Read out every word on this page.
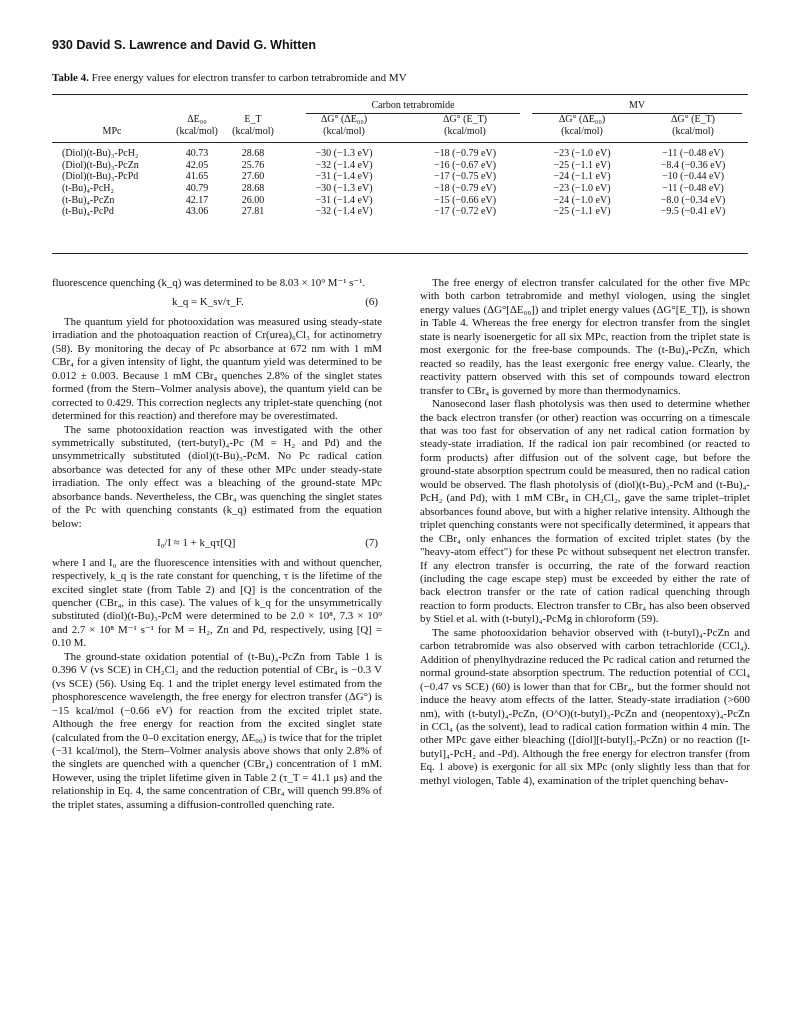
930 David S. Lawrence and David G. Whitten
Table 4. Free energy values for electron transfer to carbon tetrabromide and MV

			Carbon tetrabromide		MV	

	ΔE₀₀	E_T	ΔG° (ΔE₀₀)	ΔG° (E_T)	ΔG° (ΔE₀₀)	ΔG° (E_T)
MPc	(kcal/mol)	(kcal/mol)	(kcal/mol)	(kcal/mol)	(kcal/mol)	(kcal/mol)

(Diol)(t-Bu)₃-PcH₂	40.73	28.68	−30 (−1.3 eV)	−18 (−0.79 eV)	−23 (−1.0 eV)	−11 (−0.48 eV)
(Diol)(t-Bu)₃-PcZn	42.05	25.76	−32 (−1.4 eV)	−16 (−0.67 eV)	−25 (−1.1 eV)	−8.4 (−0.36 eV)
(Diol)(t-Bu)₃-PcPd	41.65	27.60	−31 (−1.4 eV)	−17 (−0.75 eV)	−24 (−1.1 eV)	−10 (−0.44 eV)
(t-Bu)₄-PcH₂	40.79	28.68	−30 (−1.3 eV)	−18 (−0.79 eV)	−23 (−1.0 eV)	−11 (−0.48 eV)
(t-Bu)₄-PcZn	42.17	26.00	−31 (−1.4 eV)	−15 (−0.66 eV)	−24 (−1.0 eV)	−8.0 (−0.34 eV)
(t-Bu)₄-PcPd	43.06	27.81	−32 (−1.4 eV)	−17 (−0.72 eV)	−25 (−1.1 eV)	−9.5 (−0.41 eV)

fluorescence quenching (k_q) was determined to be 8.03 × 10⁹ M⁻¹ s⁻¹.

k_q = K_sv/τ_F.	(6)

The quantum yield for photooxidation was measured using steady-state irradiation and the photoaquation reaction of Cr(urea)₆Cl₃ for actinometry (58). By monitoring the decay of Pc absorbance at 672 nm with 1 mM CBr₄ for a given intensity of light, the quantum yield was determined to be 0.012 ± 0.003. Because 1 mM CBr₄ quenches 2.8% of the singlet states formed (from the Stern–Volmer analysis above), the quantum yield can be corrected to 0.429. This correction neglects any triplet-state quenching (not determined for this reaction) and therefore may be overestimated.

The same photooxidation reaction was investigated with the other symmetrically substituted, (tert-butyl)₄-Pc (M = H₂ and Pd) and the unsymmetrically substituted (diol)(t-Bu)₃-PcM. No Pc radical cation absorbance was detected for any of these other MPc under steady-state irradiation. The only effect was a bleaching of the ground-state MPc absorbance bands. Nevertheless, the CBr₄ was quenching the singlet states of the Pc with quenching constants (k_q) estimated from the equation below:

I₀/I ≈ 1 + k_qτ[Q]	(7)

where I and I₀ are the fluorescence intensities with and without quencher, respectively, k_q is the rate constant for quenching, τ is the lifetime of the excited singlet state (from Table 2) and [Q] is the concentration of the quencher (CBr₄, in this case). The values of k_q for the unsymmetrically substituted (diol)(t-Bu)₃-PcM were determined to be 2.0 × 10⁸, 7.3 × 10⁹ and 2.7 × 10⁸ M⁻¹ s⁻¹ for M = H₂, Zn and Pd, respectively, using [Q] = 0.10 M.

The ground-state oxidation potential of (t-Bu)₄-PcZn from Table 1 is 0.396 V (vs SCE) in CH₂Cl₂ and the reduction potential of CBr₄ is −0.3 V (vs SCE) (56). Using Eq. 1 and the triplet energy level estimated from the phosphorescence wavelength, the free energy for electron transfer (ΔG°) is −15 kcal/mol (−0.66 eV) for reaction from the excited triplet state. Although the free energy for reaction from the excited singlet state (calculated from the 0–0 excitation energy, ΔE₀₀) is twice that for the triplet (−31 kcal/mol), the Stern–Volmer analysis above shows that only 2.8% of the singlets are quenched with a quencher (CBr₄) concentration of 1 mM. However, using the triplet lifetime given in Table 2 (τ_T = 41.1 μs) and the relationship in Eq. 4, the same concentration of CBr₄ will quench 99.8% of the triplet states, assuming a diffusion-controlled quenching rate.

The free energy of electron transfer calculated for the other five MPc with both carbon tetrabromide and methyl viologen, using the singlet energy values (ΔG°[ΔE₀₀]) and triplet energy values (ΔG°[E_T]), is shown in Table 4. Whereas the free energy for electron transfer from the singlet state is nearly isoenergetic for all six MPc, reaction from the triplet state is most exergonic for the free-base compounds. The (t-Bu)₄-PcZn, which reacted so readily, has the least exergonic free energy value. Clearly, the reactivity pattern observed with this set of compounds toward electron transfer to CBr₄ is governed by more than thermodynamics.

Nanosecond laser flash photolysis was then used to determine whether the back electron transfer (or other) reaction was occurring on a timescale that was too fast for observation of any net radical cation formation by steady-state irradiation. If the radical ion pair recombined (or reacted to form products) after diffusion out of the solvent cage, but before the ground-state absorption spectrum could be measured, then no radical cation would be observed. The flash photolysis of (diol)(t-Bu)₃-PcM and (t-Bu)₄-PcH₂ (and Pd), with 1 mM CBr₄ in CH₂Cl₂, gave the same triplet–triplet absorbances found above, but with a higher relative intensity. Although the triplet quenching constants were not specifically determined, it appears that the CBr₄ only enhances the formation of excited triplet states (by the "heavy-atom effect") for these Pc without subsequent net electron transfer. If any electron transfer is occurring, the rate of the forward reaction (including the cage escape step) must be exceeded by either the rate of back electron transfer or the rate of cation radical quenching through reaction to form products. Electron transfer to CBr₄ has also been observed by Stiel et al. with (t-butyl)₄-PcMg in chloroform (59).

The same photooxidation behavior observed with (t-butyl)₄-PcZn and carbon tetrabromide was also observed with carbon tetrachloride (CCl₄). Addition of phenylhydrazine reduced the Pc radical cation and returned the normal ground-state absorption spectrum. The reduction potential of CCl₄ (−0.47 vs SCE) (60) is lower than that for CBr₄, but the former should not induce the heavy atom effects of the latter. Steady-state irradiation (>600 nm), with (t-butyl)₄-PcZn, (O^O)(t-butyl)₃-PcZn and (neopentoxy)₄-PcZn in CCl₄ (as the solvent), lead to radical cation formation within 4 min. The other MPc gave either bleaching ([diol][t-butyl]₃-PcZn) or no reaction ([t-butyl]₄-PcH₂ and -Pd). Although the free energy for electron transfer (from Eq. 1 above) is exergonic for all six MPc (only slightly less than that for methyl viologen, Table 4), examination of the triplet quenching behav-
